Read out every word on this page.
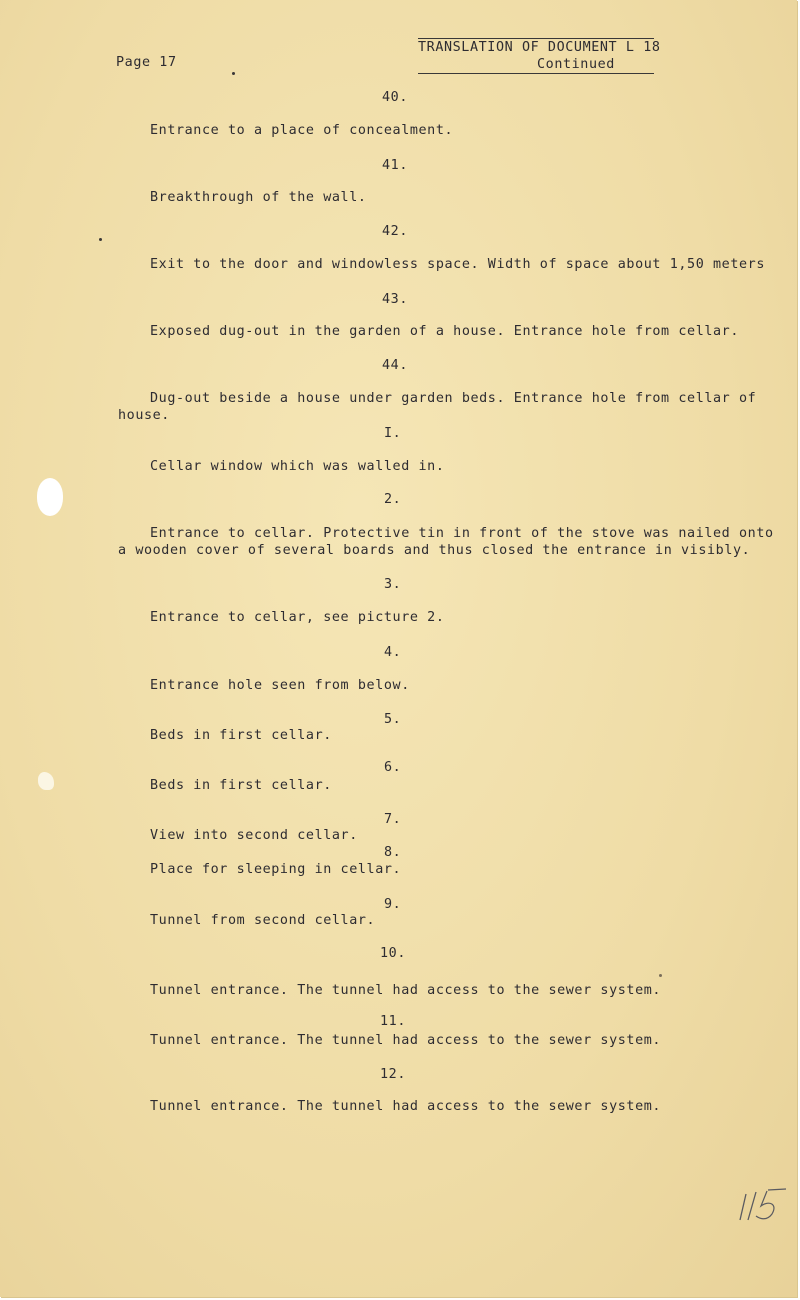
Page 17
TRANSLATION OF DOCUMENT L 18
Continued
40.
Entrance to a place of concealment.
41.
Breakthrough of the wall.
42.
Exit to the door and windowless space. Width of space about 1,50 meters
43.
Exposed dug-out in the garden of a house. Entrance hole from cellar.
44.
Dug-out beside a house under garden beds. Entrance hole from cellar of
house.
I.
Cellar window which was walled in.
2.
Entrance to cellar. Protective tin in front of the stove was nailed onto
a wooden cover of several boards and thus closed the entrance in visibly.
3.
Entrance to cellar, see picture 2.
4.
Entrance hole seen from below.
5.
Beds in first cellar.
6.
Beds in first cellar.
7.
View into second cellar.
8.
Place for sleeping in cellar.
9.
Tunnel from second cellar.
10.
Tunnel entrance. The tunnel had access to the sewer system.
11.
Tunnel entrance. The tunnel had access to the sewer system.
12.
Tunnel entrance. The tunnel had access to the sewer system.
